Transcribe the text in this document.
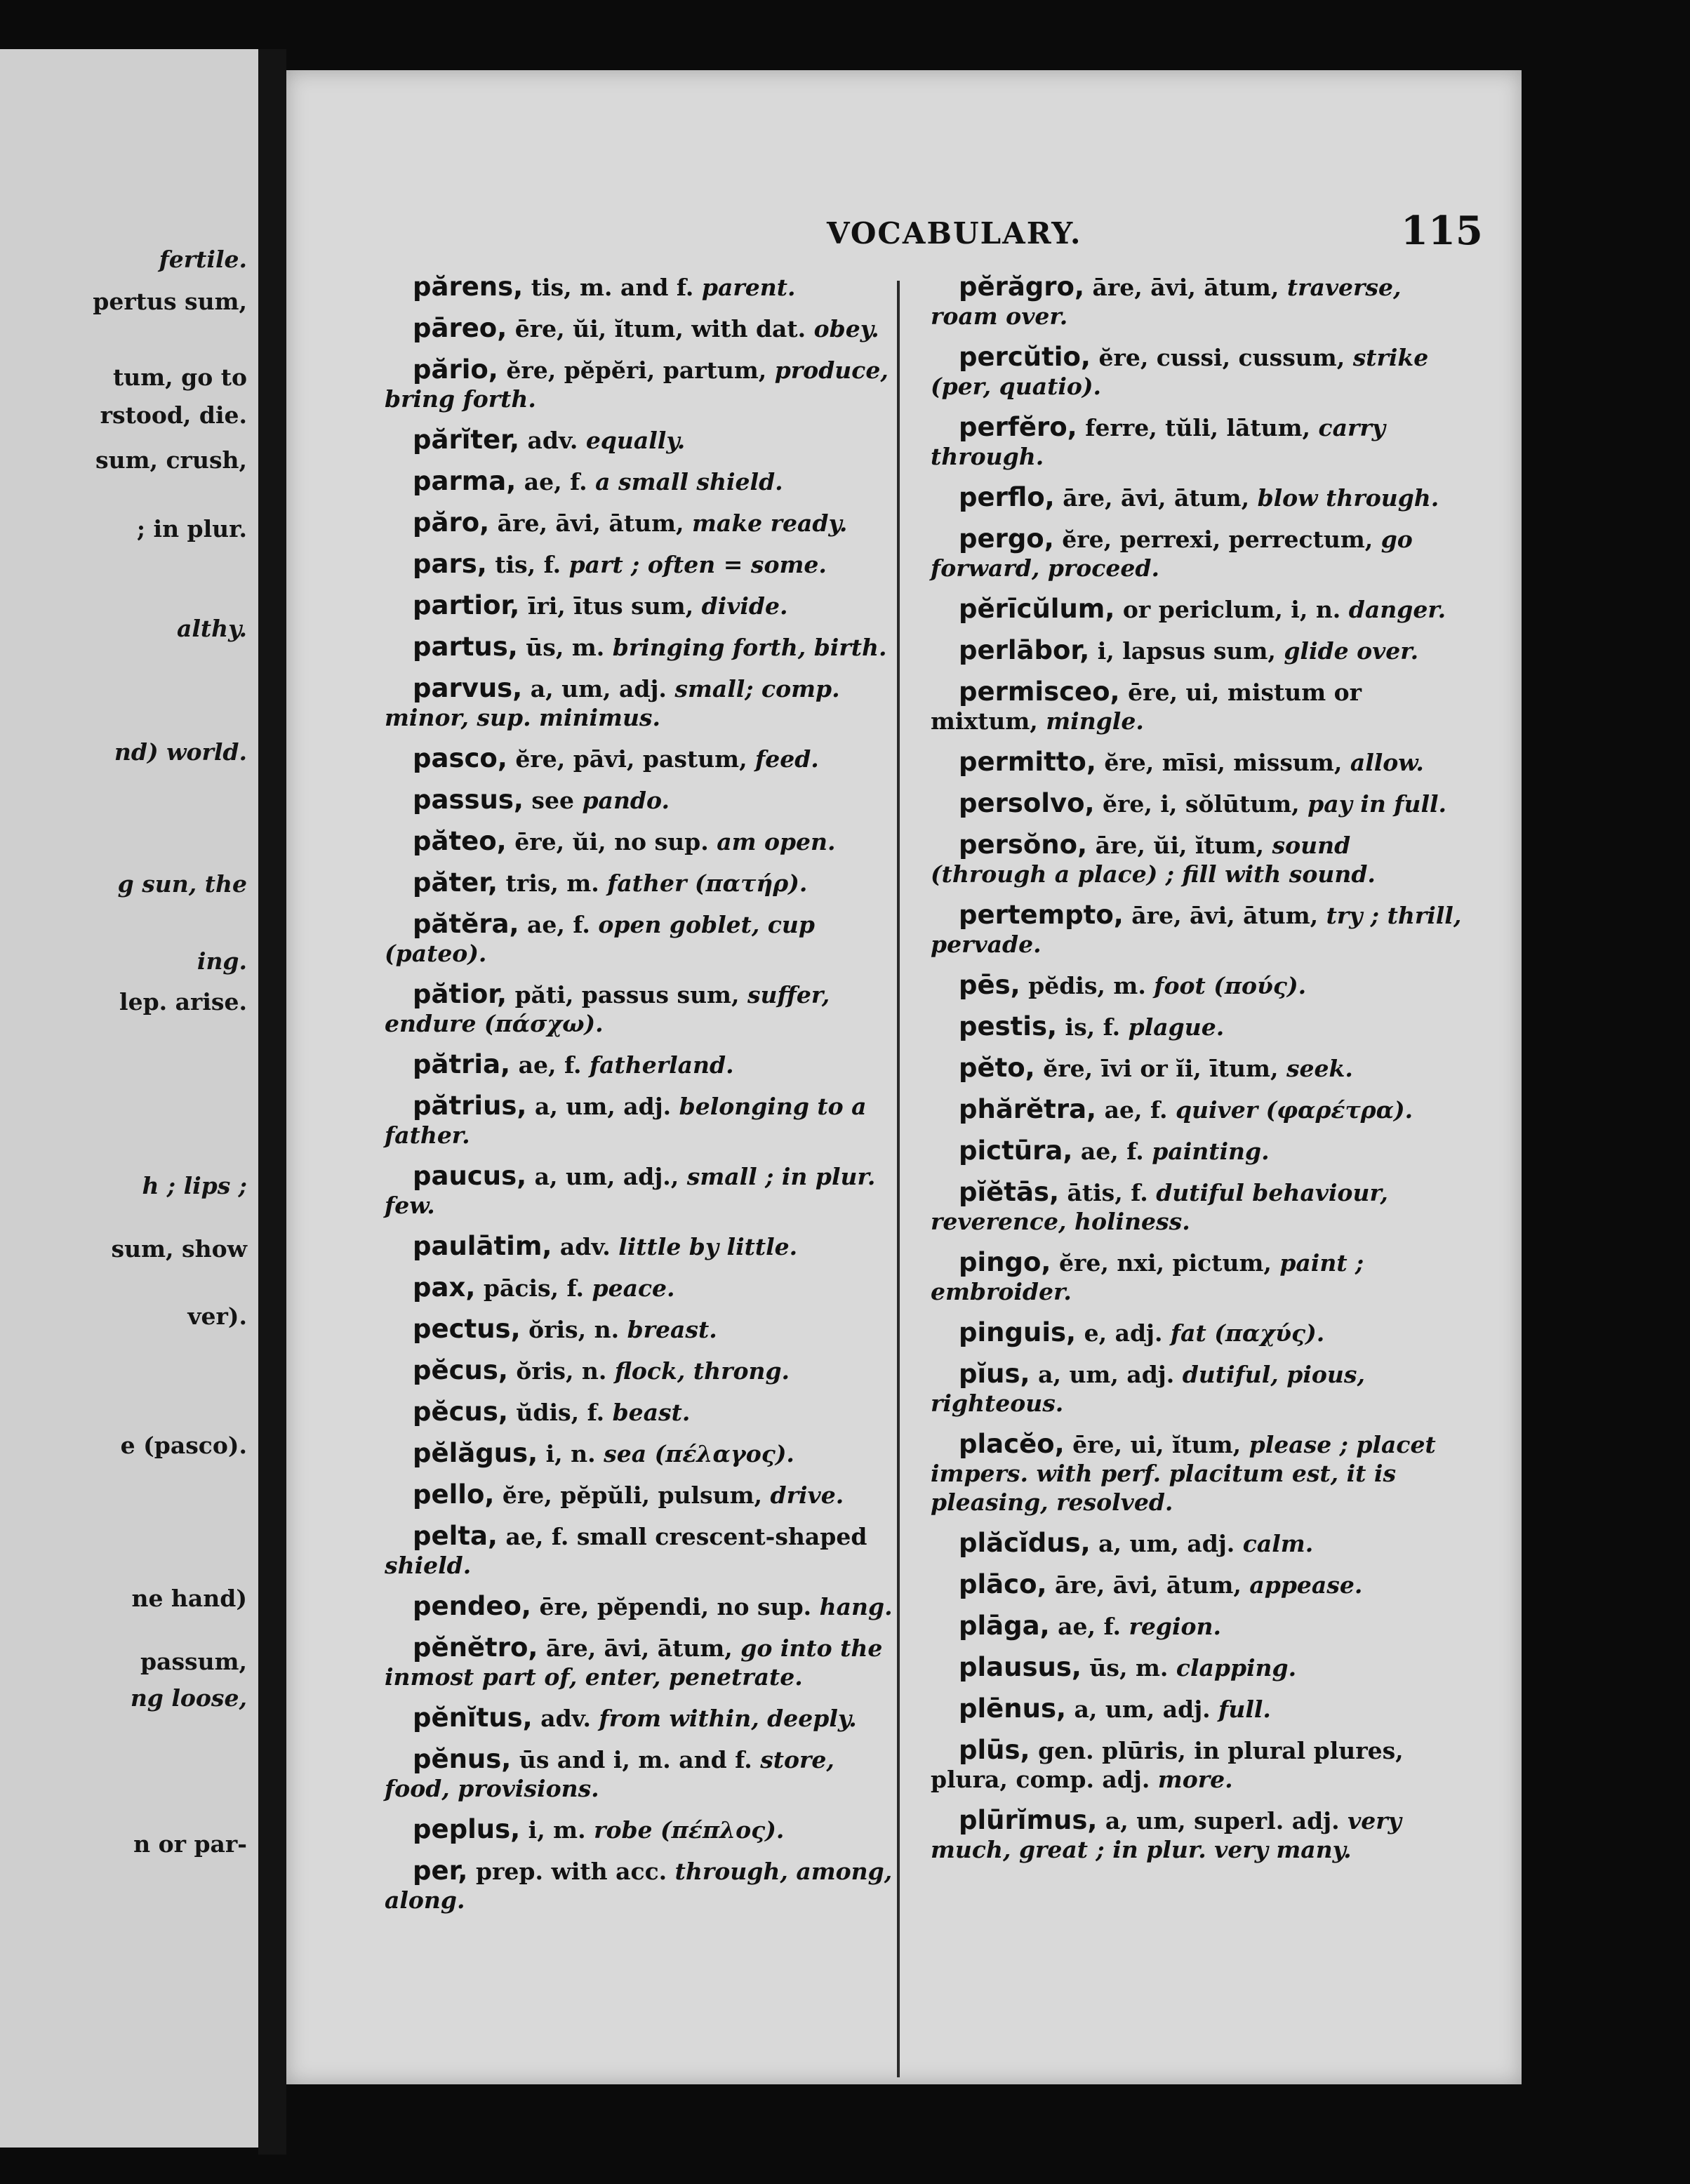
fertile.
pertus sum,
tum, go to
rstood, die.
sum, crush,
; in plur.
althy.
nd) world.
g sun, the
ing.
lep. arise.
h ; lips ;
sum, show
ver).
e (pasco).
ne hand)
passum,
ng loose,
n or par-
VOCABULARY.	115
părens, tis, m. and f. parent.
pāreo, ēre, ŭi, ĭtum, with dat. obey.
părio, ĕre, pĕpĕri, partum, produce, bring forth.
părĭter, adv. equally.
parma, ae, f. a small shield.
păro, āre, āvi, ātum, make ready.
pars, tis, f. part ; often = some.
partior, īri, ītus sum, divide.
partus, ūs, m. bringing forth, birth.
parvus, a, um, adj. small; comp. minor, sup. minimus.
pasco, ĕre, pāvi, pastum, feed.
passus, see pando.
păteo, ēre, ŭi, no sup. am open.
păter, tris, m. father (πατήρ).
pătĕra, ae, f. open goblet, cup (pateo).
pătior, păti, passus sum, suffer, endure (πάσχω).
pătria, ae, f. fatherland.
pătrius, a, um, adj. belonging to a father.
paucus, a, um, adj., small ; in plur. few.
paulātim, adv. little by little.
pax, pācis, f. peace.
pectus, ŏris, n. breast.
pĕcus, ŏris, n. flock, throng.
pĕcus, ŭdis, f. beast.
pĕlăgus, i, n. sea (πέλαγος).
pello, ĕre, pĕpŭli, pulsum, drive.
pelta, ae, f. small crescent-shaped shield.
pendeo, ēre, pĕpendi, no sup. hang.
pĕnĕtro, āre, āvi, ātum, go into the inmost part of, enter, penetrate.
pĕnĭtus, adv. from within, deeply.
pĕnus, ūs and i, m. and f. store, food, provisions.
peplus, i, m. robe (πέπλος).
per, prep. with acc. through, among, along.
pĕrăgro, āre, āvi, ātum, traverse, roam over.
percŭtio, ĕre, cussi, cussum, strike (per, quatio).
perfĕro, ferre, tŭli, lātum, carry through.
perflo, āre, āvi, ātum, blow through.
pergo, ĕre, perrexi, perrectum, go forward, proceed.
pĕrīcŭlum, or periclum, i, n. danger.
perlābor, i, lapsus sum, glide over.
permisceo, ēre, ui, mistum or mixtum, mingle.
permitto, ĕre, mīsi, missum, allow.
persolvo, ĕre, i, sŏlūtum, pay in full.
persŏno, āre, ŭi, ĭtum, sound (through a place) ; fill with sound.
pertempto, āre, āvi, ātum, try ; thrill, pervade.
pēs, pĕdis, m. foot (πούς).
pestis, is, f. plague.
pĕto, ĕre, īvi or ĭi, ītum, seek.
phărĕtra, ae, f. quiver (φαρέτρα).
pictūra, ae, f. painting.
pĭĕtās, ātis, f. dutiful behaviour, reverence, holiness.
pingo, ĕre, nxi, pictum, paint ; embroider.
pinguis, e, adj. fat (παχύς).
pĭus, a, um, adj. dutiful, pious, righteous.
placĕo, ēre, ui, ĭtum, please ; placet impers. with perf. placitum est, it is pleasing, resolved.
plăcĭdus, a, um, adj. calm.
plāco, āre, āvi, ātum, appease.
plāga, ae, f. region.
plausus, ūs, m. clapping.
plēnus, a, um, adj. full.
plūs, gen. plūris, in plural plures, plura, comp. adj. more.
plūrĭmus, a, um, superl. adj. very much, great ; in plur. very many.
